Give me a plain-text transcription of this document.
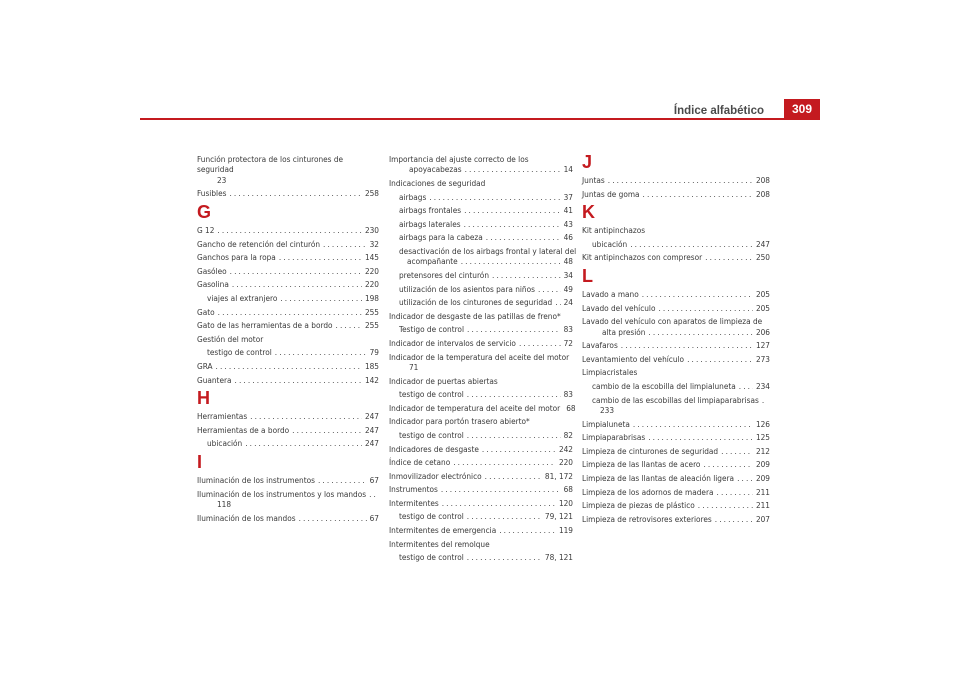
Índice alfabético	309
Función protectora de los cinturones de seguridad
23
Fusibles .....	258
G
G 12 .....	230
Gancho de retención del cinturón .....	32
Ganchos para la ropa .....	145
Gasóleo .....	220
Gasolina .....	220
viajes al extranjero .....	198
Gato .....	255
Gato de las herramientas de a bordo .....	255
Gestión del motor
testigo de control .....	79
GRA .....	185
Guantera .....	142
H
Herramientas .....	247
Herramientas de a bordo .....	247
ubicación .....	247
I
Iluminación de los instrumentos .....	67
Iluminación de los instrumentos y los mandos
.....
118
Iluminación de los mandos .....	67
Importancia del ajuste correcto de los
apoyacabezas .....	14
Indicaciones de seguridad
airbags .....	37
airbags frontales .....	41
airbags laterales .....	43
airbags para la cabeza .....	46
desactivación de los airbags frontal y lateral del
acompañante .....	48
pretensores del cinturón .....	34
utilización de los asientos para niños .....	49
utilización de los cinturones de seguridad ..... 24
Indicador de desgaste de las patillas de freno*
Testigo de control .....	83
Indicador de intervalos de servicio .....	72
Indicador de la temperatura del aceite del motor
71
Indicador de puertas abiertas
testigo de control .....	83
Indicador de temperatura del aceite del motor 68
Indicador para portón trasero abierto*
testigo de control .....	82
Indicadores de desgaste .....	242
Índice de cetano .....	220
Inmovilizador electrónico .....	81, 172
Instrumentos .....	68
Intermitentes .....	120
testigo de control .....	79, 121
Intermitentes de emergencia .....	119
Intermitentes del remolque
testigo de control .....	78, 121
J
Juntas .....	208
Juntas de goma .....	208
K
Kit antipinchazos
ubicación .....	247
Kit antipinchazos con compresor .....	250
L
Lavado a mano .....	205
Lavado del vehículo .....	205
Lavado del vehículo con aparatos de limpieza de
alta presión .....	206
Lavafaros .....	127
Levantamiento del vehículo .....	273
Limpiacristales
cambio de la escobilla del limpialuneta ..... 234
cambio de las escobillas del limpiaparabrisas
.....
233
Limpialuneta .....	126
Limpiaparabrisas .....	125
Limpieza de cinturones de seguridad .....	212
Limpieza de las llantas de acero .....	209
Limpieza de las llantas de aleación ligera .....	209
Limpieza de los adornos de madera .....	211
Limpieza de piezas de plástico .....	211
Limpieza de retrovisores exteriores .....	207
